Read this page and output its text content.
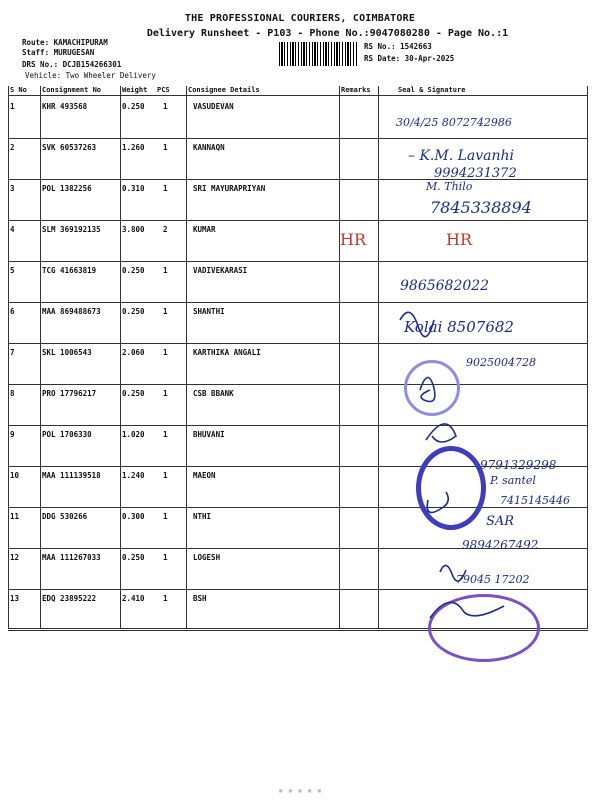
THE PROFESSIONAL COURIERS, COIMBATORE
Delivery Runsheet - P103 - Phone No.:9047080280 - Page No.:1
Route: KAMACHIPURAM
Staff: MURUGESAN
DRS No.: DCJB154266301
Vehicle: Two Wheeler Delivery
RS No.: 1542663
RS Date: 30-Apr-2025
S No Consignment No	Weight PCS	Consignee Details	Remarks	Seal & Signature
1	KHR 493568	0.250 1	VASUDEVAN
2	SVK 60537263	1.260 1	KANNAQN
3	POL 1382256	0.310 1	SRI MAYURAPRIYAN
4	SLM 369192135	3.800 2	KUMAR
5	TCG 41663819	0.250 1	VADIVEKARASI
6	MAA 869488673	0.250 1	SHANTHI
7	SKL 1006543	2.060 1	KARTHIKA ANGALI
8	PRO 17796217	0.250 1	CSB BBANK
9	POL 1706330	1.020 1	BHUVANI
10	MAA 111139518	1.240 1	MAEON
11	DDG 530266	0.300 1	NTHI
12	MAA 111267033	0.250 1	LOGESH
13	EDQ 23895222	2.410 1	BSH
30/4/25 8072742986
– K.M. Lavanhi
9994231372
M. Thilo
7845338894
HR	HR
9865682022
Kolai 8507682
9025004728
9791329298
P. santel
7415145446
SAR
9894267492
79045 17202
▪ ▪ ▪ ▪ ▪
